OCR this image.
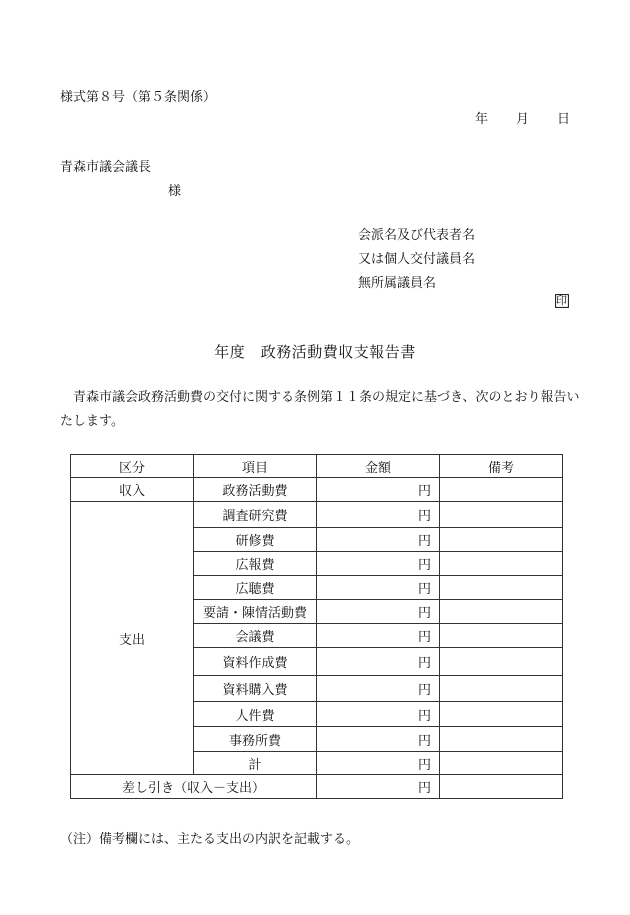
様式第８号（第５条関係）
年 月 日
青森市議会議長
様
会派名及び代表者名
又は個人交付議員名
無所属議員名
印
年度　政務活動費収支報告書
青森市議会政務活動費の交付に関する条例第１１条の規定に基づき、次のとおり報告いたします。
区分	項目	金額	備考
収入	政務活動費	円	
支出	調査研究費	円	
	研修費	円	
	広報費	円	
	広聴費	円	
	要請・陳情活動費	円	
	会議費	円	
	資料作成費	円	
	資料購入費	円	
	人件費	円	
	事務所費	円	
	計	円	
差し引き（収入－支出）		円	
（注）備考欄には、主たる支出の内訳を記載する。
